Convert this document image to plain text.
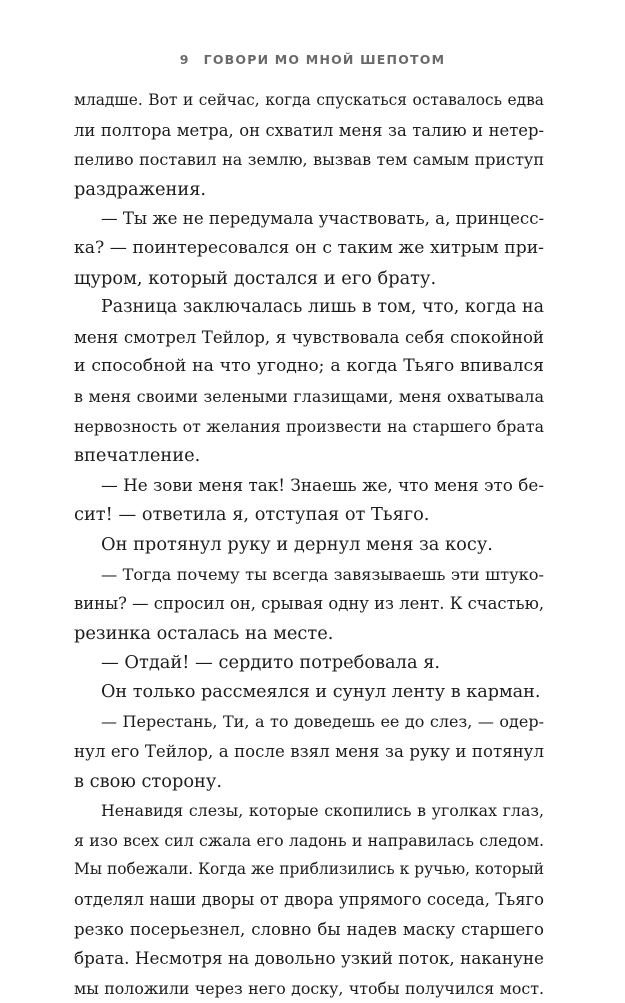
9 ГОВОРИ МО МНОЙ ШЕПОТОМ
младше. Вот и сейчас, когда спускаться оставалось едва
ли полтора метра, он схватил меня за талию и нетер-
пеливо поставил на землю, вызвав тем самым приступ
раздражения.
— Ты же не передумала участвовать, а, принцесс-
ка? — поинтересовался он с таким же хитрым при-
щуром, который достался и его брату.
Разница заключалась лишь в том, что, когда на
меня смотрел Тейлор, я чувствовала себя спокойной
и способной на что угодно; а когда Тьяго впивался
в меня своими зелеными глазищами, меня охватывала
нервозность от желания произвести на старшего брата
впечатление.
— Не зови меня так! Знаешь же, что меня это бе-
сит! — ответила я, отступая от Тьяго.
Он протянул руку и дернул меня за косу.
— Тогда почему ты всегда завязываешь эти штуко-
вины? — спросил он, срывая одну из лент. К счастью,
резинка осталась на месте.
— Отдай! — сердито потребовала я.
Он только рассмеялся и сунул ленту в карман.
— Перестань, Ти, а то доведешь ее до слез, — одер-
нул его Тейлор, а после взял меня за руку и потянул
в свою сторону.
Ненавидя слезы, которые скопились в уголках глаз,
я изо всех сил сжала его ладонь и направилась следом.
Мы побежали. Когда же приблизились к ручью, который
отделял наши дворы от двора упрямого соседа, Тьяго
резко посерьезнел, словно бы надев маску старшего
брата. Несмотря на довольно узкий поток, накануне
мы положили через него доску, чтобы получился мост.
